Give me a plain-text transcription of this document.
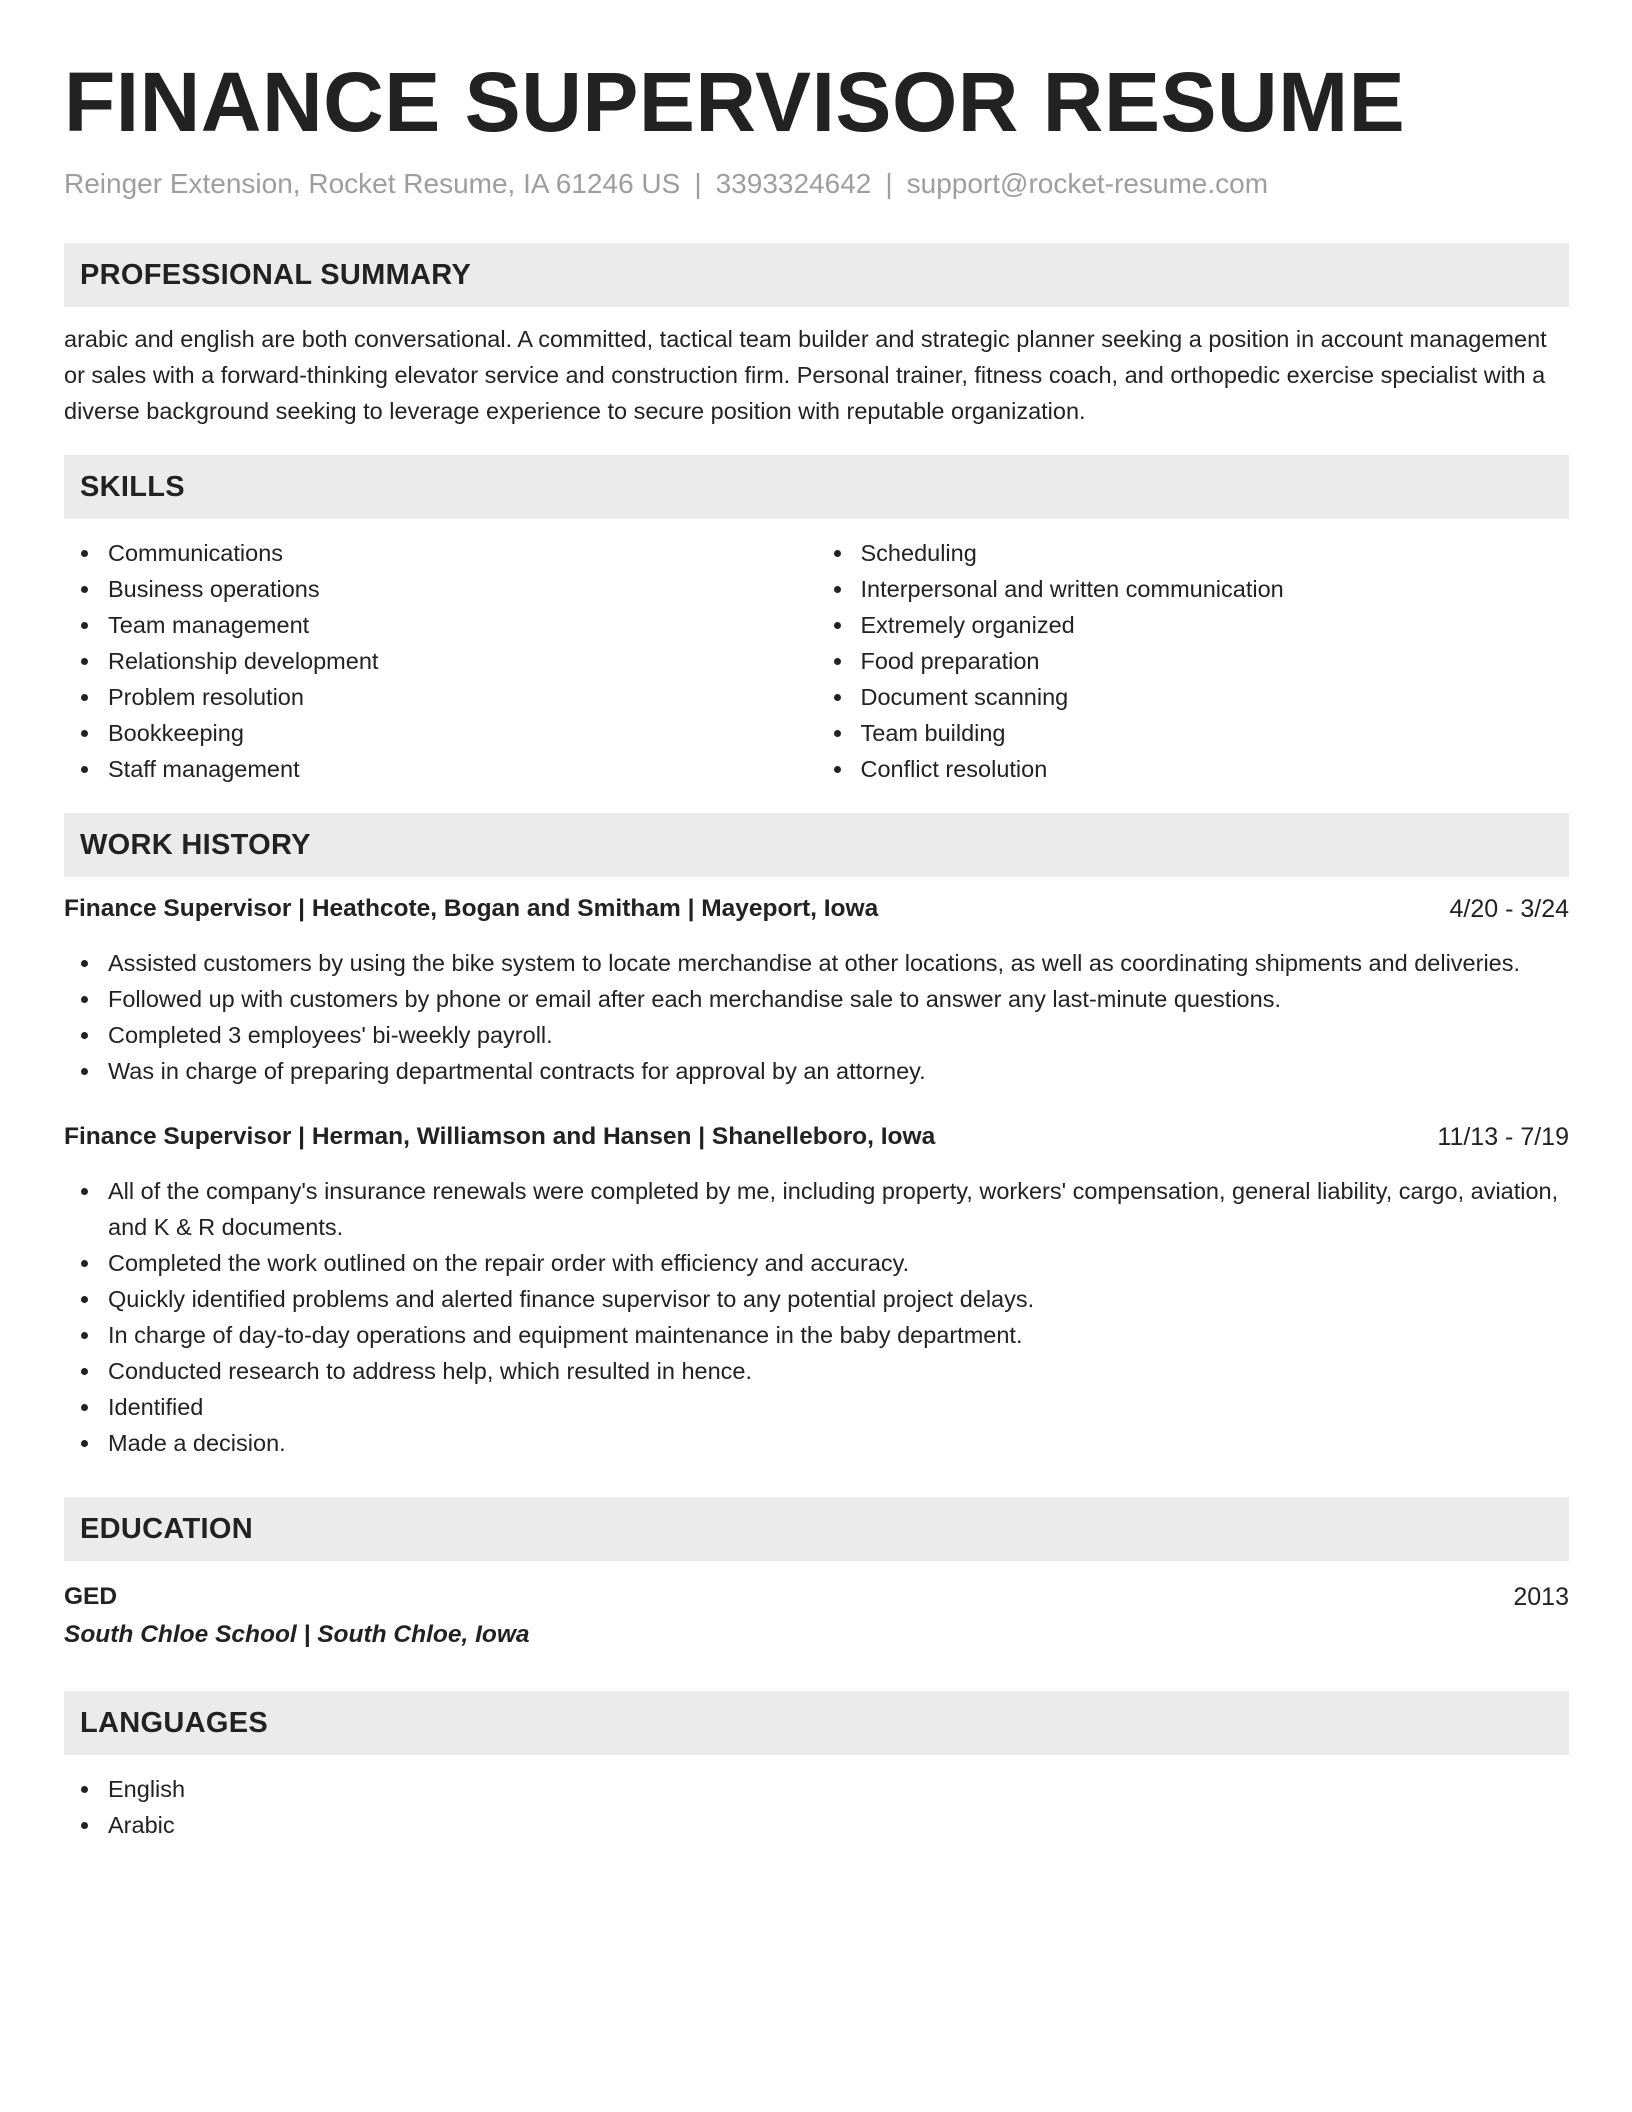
FINANCE SUPERVISOR RESUME
Reinger Extension, Rocket Resume, IA 61246 US | 3393324642 | support@rocket-resume.com
PROFESSIONAL SUMMARY

arabic and english are both conversational. A committed, tactical team builder and strategic planner seeking a position in account management or sales with a forward-thinking elevator service and construction firm. Personal trainer, fitness coach, and orthopedic exercise specialist with a diverse background seeking to leverage experience to secure position with reputable organization.

SKILLS
Communications
Business operations
Team management
Relationship development
Problem resolution
Bookkeeping
Staff management
Scheduling
Interpersonal and written communication
Extremely organized
Food preparation
Document scanning
Team building
Conflict resolution
WORK HISTORY
Finance Supervisor | Heathcote, Bogan and Smitham | Mayeport, Iowa	4/20 - 3/24
Assisted customers by using the bike system to locate merchandise at other locations, as well as coordinating shipments and deliveries.
Followed up with customers by phone or email after each merchandise sale to answer any last-minute questions.
Completed 3 employees' bi-weekly payroll.
Was in charge of preparing departmental contracts for approval by an attorney.
Finance Supervisor | Herman, Williamson and Hansen | Shanelleboro, Iowa	11/13 - 7/19
All of the company's insurance renewals were completed by me, including property, workers' compensation, general liability, cargo, aviation, and K & R documents.
Completed the work outlined on the repair order with efficiency and accuracy.
Quickly identified problems and alerted finance supervisor to any potential project delays.
In charge of day-to-day operations and equipment maintenance in the baby department.
Conducted research to address help, which resulted in hence.
Identified
Made a decision.
EDUCATION
GED	2013
South Chloe School | South Chloe, Iowa
LANGUAGES
English
Arabic
